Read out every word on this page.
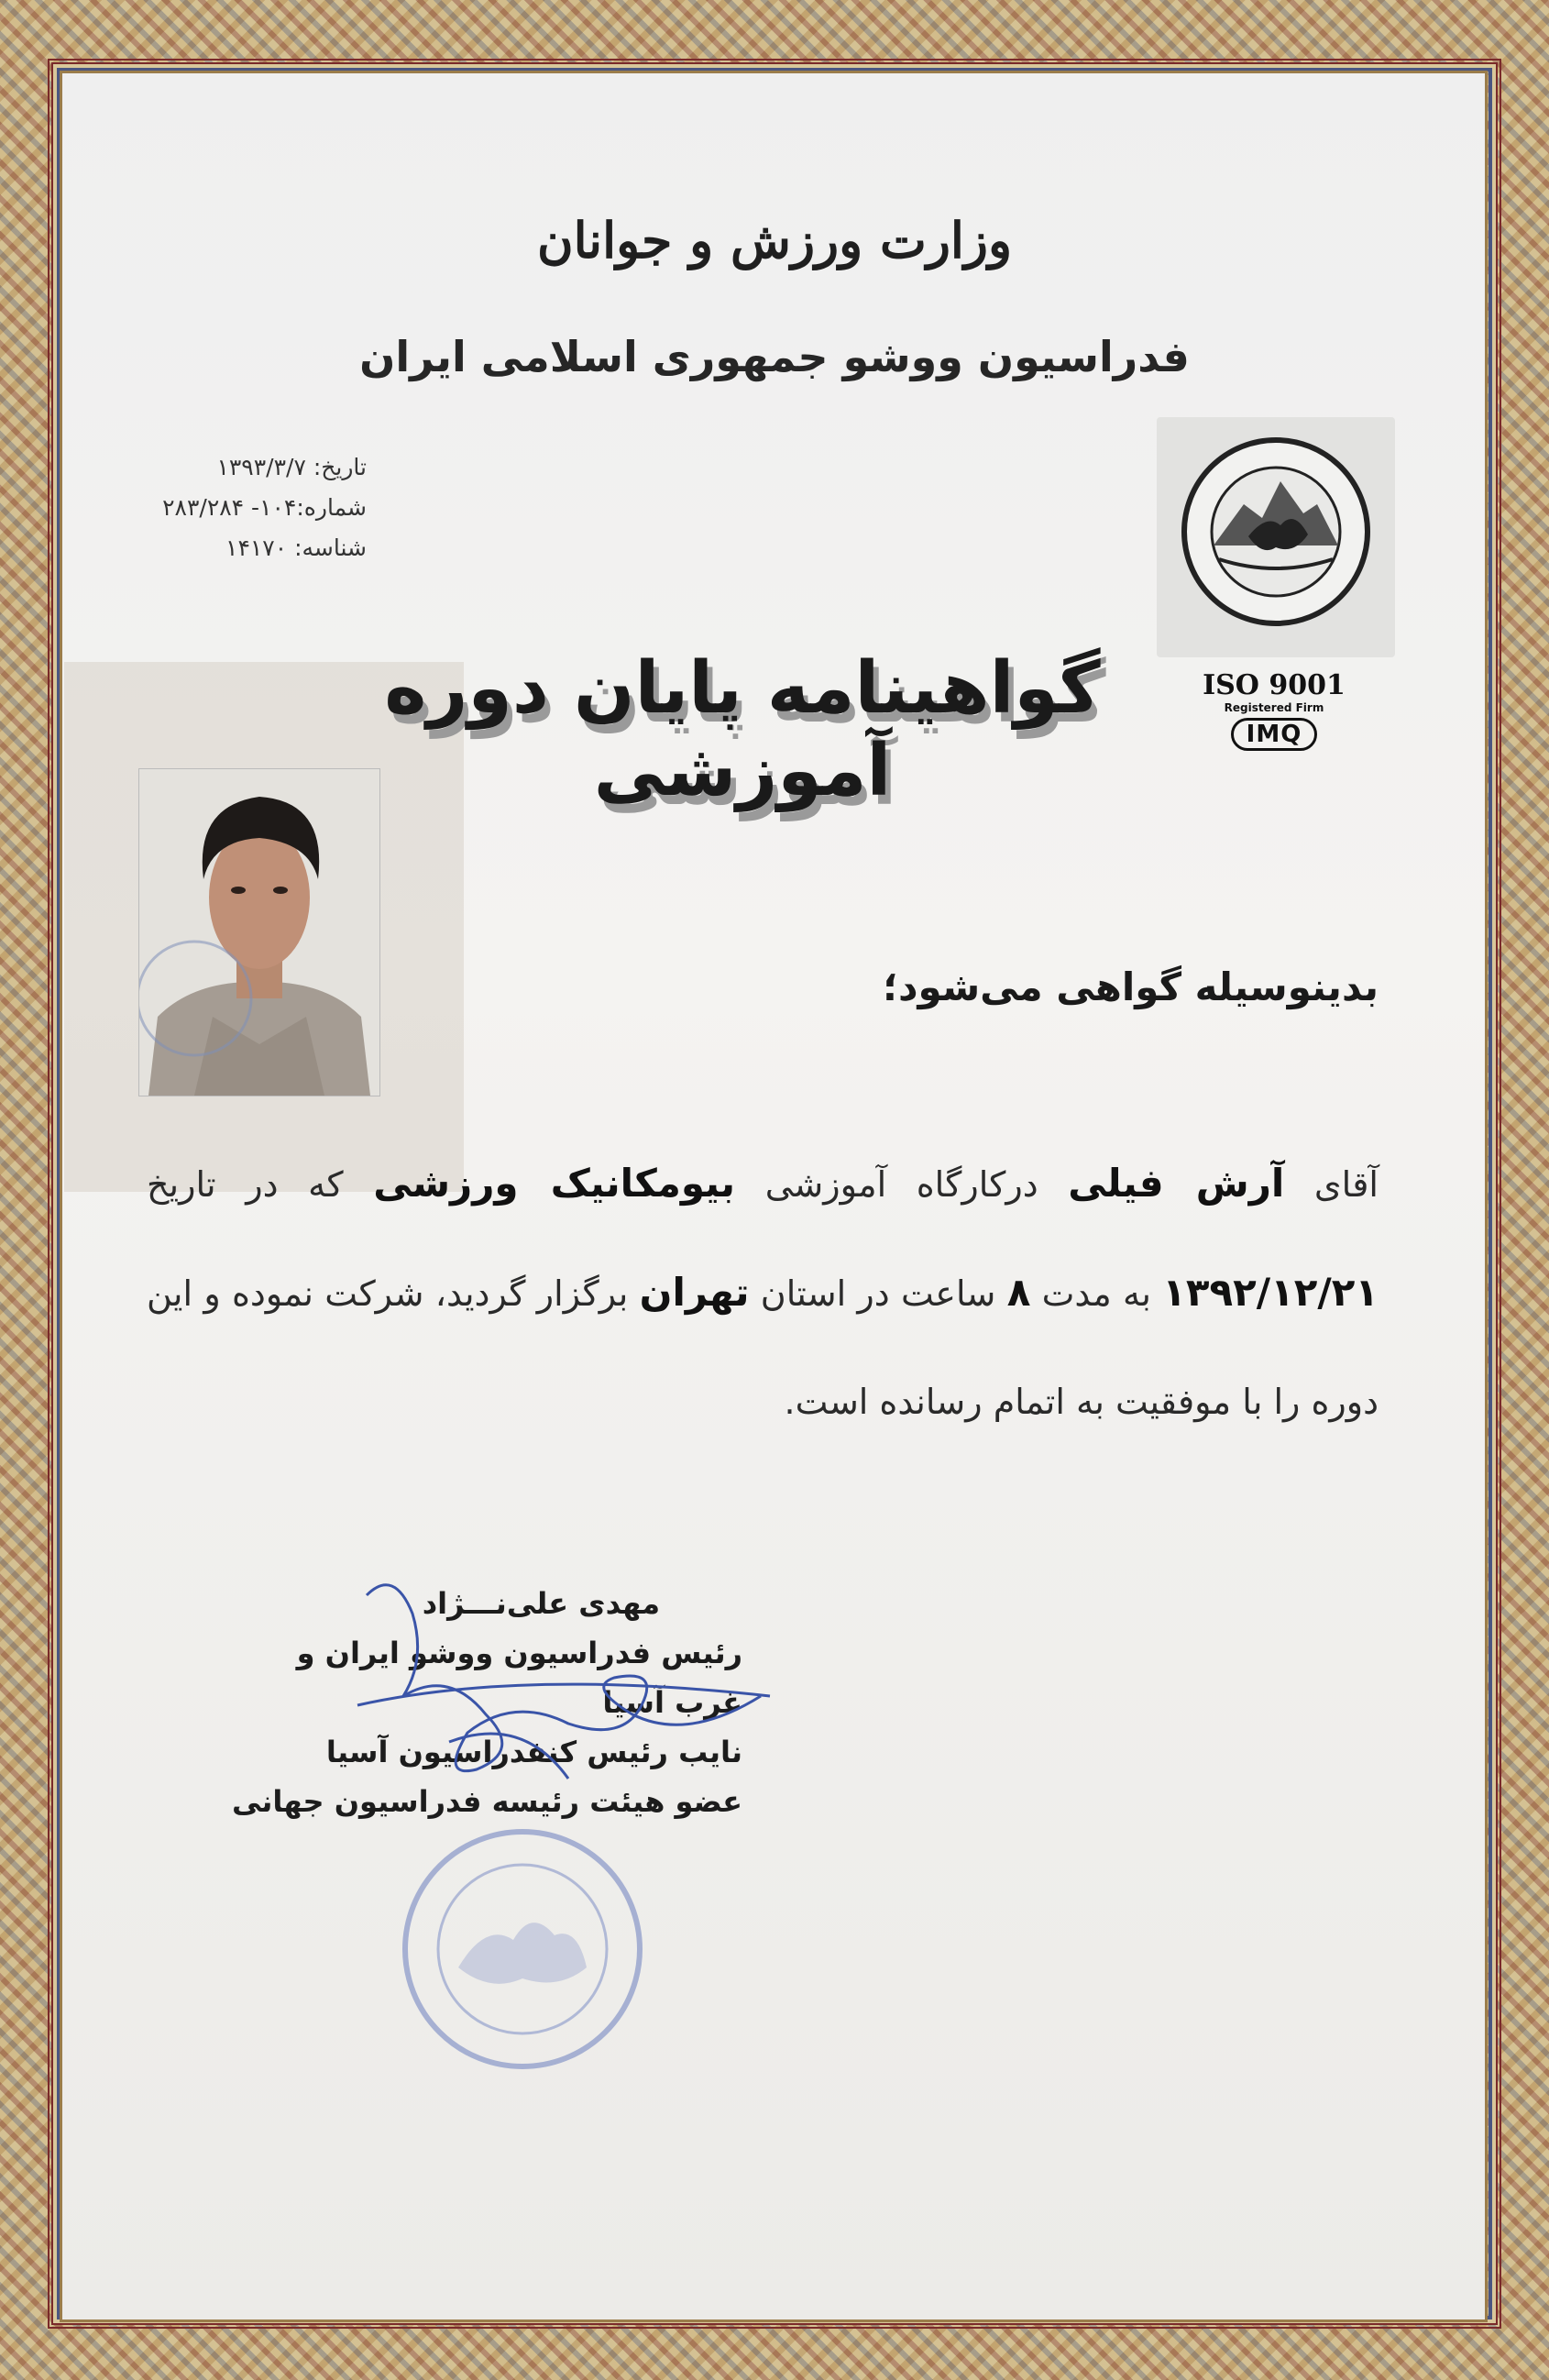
وزارت ورزش و جوانان
فدراسیون ووشو جمهوری اسلامی ایران
تاریخ: ۱۳۹۳/۳/۷
شماره:۱۰۴- ۲۸۳/۲۸۴
شناسه: ۱۴۱۷۰
ISO 9001
Registered Firm
IMQ
گواهینامه پایان دوره آموزشی
بدینوسیله گواهی می‌شود؛
آقای آرش فیلی درکارگاه آموزشی بیومکانیک ورزشی که در تاریخ ۱۳۹۲/۱۲/۲۱ به مدت ۸ ساعت در استان تهران برگزار گردید، شرکت نموده و این دوره را با موفقیت به اتمام رسانده است.
مهدی علی‌نـــژاد
رئیس فدراسیون ووشو ایران و غرب آسیا
نایب رئیس کنفدراسیون آسیا
عضو هیئت رئیسه فدراسیون جهانی
